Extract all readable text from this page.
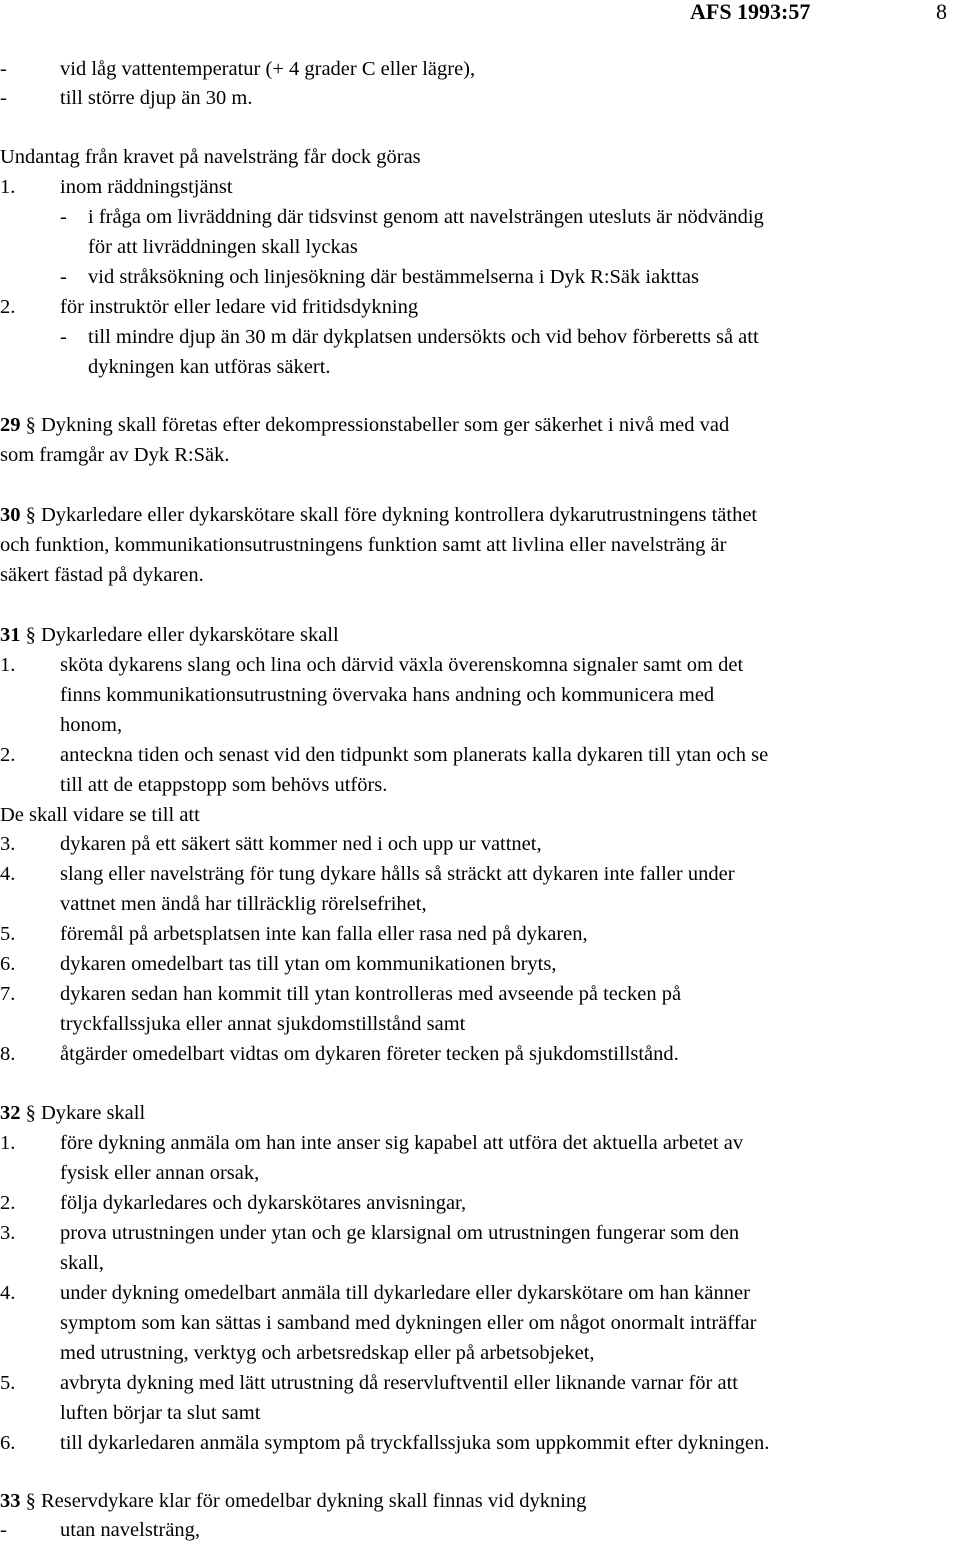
AFS 1993:57	8
-	vid låg vattentemperatur (+ 4 grader C eller lägre),
-	till större djup än 30 m.
Undantag från kravet på navelsträng får dock göras
1. inom räddningstjänst
- i fråga om livräddning där tidsvinst genom att navelsträngen utesluts är nödvändig
för att livräddningen skall lyckas
- vid stråksökning och linjesökning där bestämmelserna i Dyk R:Säk iakttas
2. för instruktör eller ledare vid fritidsdykning
- till mindre djup än 30 m där dykplatsen undersökts och vid behov förberetts så att
dykningen kan utföras säkert.
29 § Dykning skall företas efter dekompressionstabeller som ger säkerhet i nivå med vad
som framgår av Dyk R:Säk.
30 § Dykarledare eller dykarskötare skall före dykning kontrollera dykarutrustningens täthet
och funktion, kommunikationsutrustningens funktion samt att livlina eller navelsträng är
säkert fästad på dykaren.
31 § Dykarledare eller dykarskötare skall
1. sköta dykarens slang och lina och därvid växla överenskomna signaler samt om det
finns kommunikationsutrustning övervaka hans andning och kommunicera med
honom,
2. anteckna tiden och senast vid den tidpunkt som planerats kalla dykaren till ytan och se
till att de etappstopp som behövs utförs.
De skall vidare se till att
3. dykaren på ett säkert sätt kommer ned i och upp ur vattnet,
4. slang eller navelsträng för tung dykare hålls så sträckt att dykaren inte faller under
vattnet men ändå har tillräcklig rörelsefrihet,
5. föremål på arbetsplatsen inte kan falla eller rasa ned på dykaren,
6. dykaren omedelbart tas till ytan om kommunikationen bryts,
7. dykaren sedan han kommit till ytan kontrolleras med avseende på tecken på
tryckfallssjuka eller annat sjukdomstillstånd samt
8. åtgärder omedelbart vidtas om dykaren företer tecken på sjukdomstillstånd.
32 § Dykare skall
1. före dykning anmäla om han inte anser sig kapabel att utföra det aktuella arbetet av
fysisk eller annan orsak,
2. följa dykarledares och dykarskötares anvisningar,
3. prova utrustningen under ytan och ge klarsignal om utrustningen fungerar som den
skall,
4. under dykning omedelbart anmäla till dykarledare eller dykarskötare om han känner
symptom som kan sättas i samband med dykningen eller om något onormalt inträffar
med utrustning, verktyg och arbetsredskap eller på arbetsobjeket,
5. avbryta dykning med lätt utrustning då reservluftventil eller liknande varnar för att
luften börjar ta slut samt
6. till dykarledaren anmäla symptom på tryckfallssjuka som uppkommit efter dykningen.
33 § Reservdykare klar för omedelbar dykning skall finnas vid dykning
-	utan navelsträng,
